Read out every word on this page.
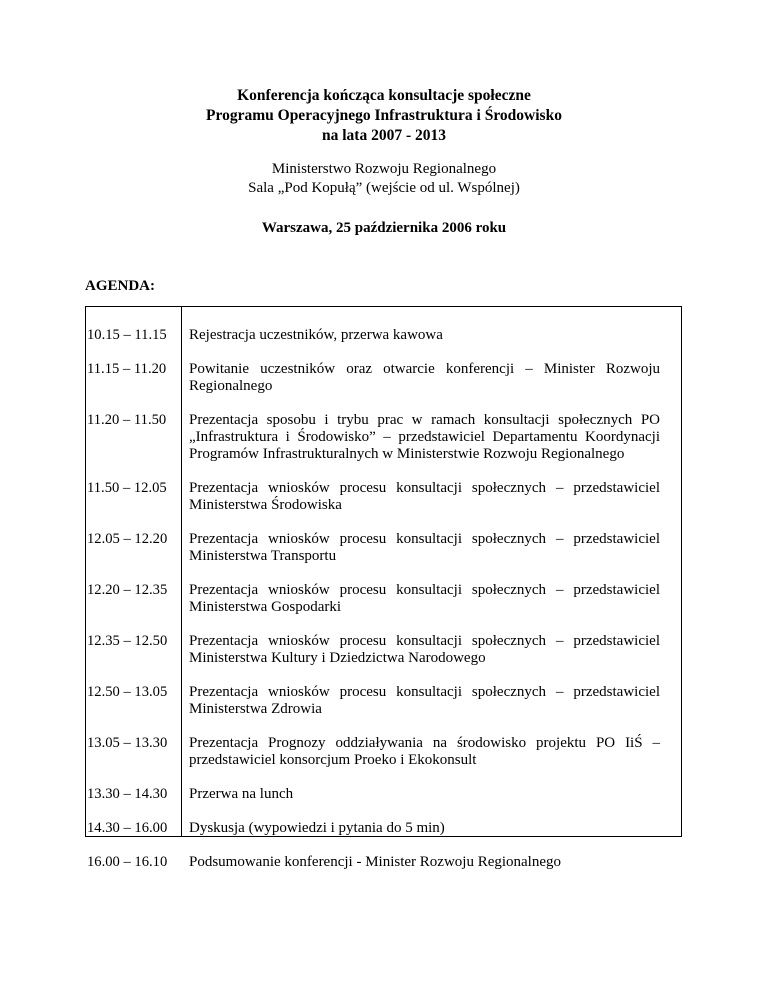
Konferencja kończąca konsultacje społeczne
Programu Operacyjnego Infrastruktura i Środowisko
na lata 2007 - 2013
Ministerstwo Rozwoju Regionalnego
Sala „Pod Kopułą” (wejście od ul. Wspólnej)
Warszawa, 25 października 2006 roku
AGENDA:
10.15 – 11.15	Rejestracja uczestników, przerwa kawowa
11.15 – 11.20	Powitanie uczestników oraz otwarcie konferencji – Minister Rozwoju Regionalnego
11.20 – 11.50	Prezentacja sposobu i trybu prac w ramach konsultacji społecznych PO „Infrastruktura i Środowisko” – przedstawiciel Departamentu Koordynacji Programów Infrastrukturalnych w Ministerstwie Rozwoju Regionalnego
11.50 – 12.05	Prezentacja wniosków procesu konsultacji społecznych – przedstawiciel Ministerstwa Środowiska
12.05 – 12.20	Prezentacja wniosków procesu konsultacji społecznych – przedstawiciel Ministerstwa Transportu
12.20 – 12.35	Prezentacja wniosków procesu konsultacji społecznych – przedstawiciel Ministerstwa Gospodarki
12.35 – 12.50	Prezentacja wniosków procesu konsultacji społecznych – przedstawiciel Ministerstwa Kultury i Dziedzictwa Narodowego
12.50 – 13.05	Prezentacja wniosków procesu konsultacji społecznych – przedstawiciel Ministerstwa Zdrowia
13.05 – 13.30	Prezentacja Prognozy oddziaływania na środowisko projektu PO IiŚ – przedstawiciel konsorcjum Proeko i Ekokonsult
13.30 – 14.30	Przerwa na lunch
14.30 – 16.00	Dyskusja (wypowiedzi i pytania do 5 min)
16.00 – 16.10	Podsumowanie konferencji - Minister Rozwoju Regionalnego
